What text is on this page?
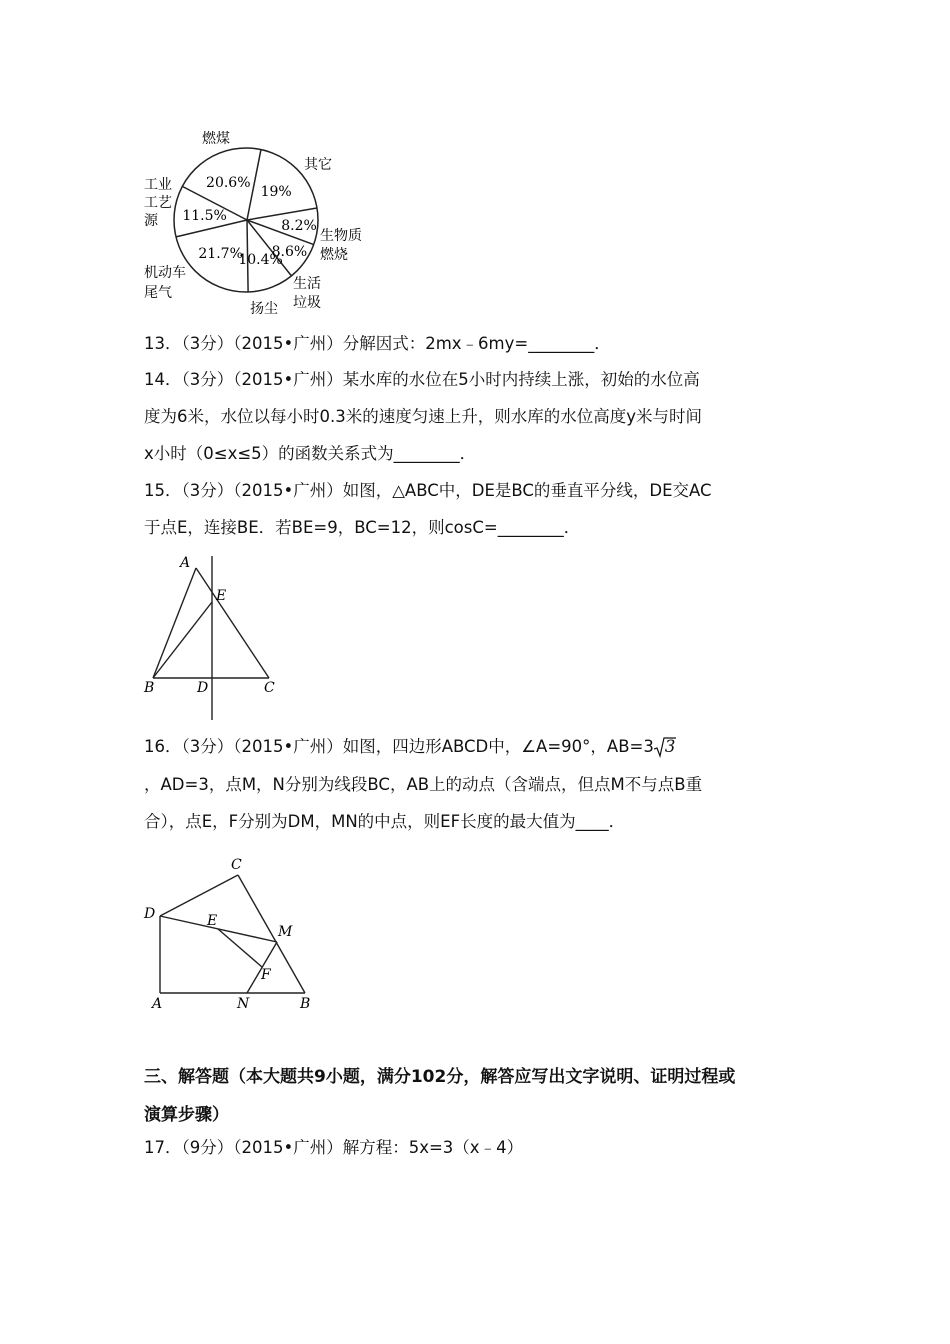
19%
8.2%
8.6%
10.4%
21.7%
11.5%
20.6%
燃煤
其它
工业
工艺
源
生物质
燃烧
机动车
尾气
生活
垃圾
扬尘
13．（3分）（2015•广州）分解因式：2mx﹣6my=________．
14．（3分）（2015•广州）某水库的水位在5小时内持续上涨，初始的水位高
度为6米，水位以每小时0.3米的速度匀速上升，则水库的水位高度y米与时间
x小时（0≤x≤5）的函数关系式为________．
15．（3分）（2015•广州）如图，△ABC中，DE是BC的垂直平分线，DE交AC
于点E，连接BE．若BE=9，BC=12，则cosC=________．
A
E
B	D	C
16．（3分）（2015•广州）如图，四边形ABCD中，∠A=90°，AB=3 3
，AD=3，点M，N分别为线段BC，AB上的动点（含端点，但点M不与点B重
合），点E，F分别为DM，MN的中点，则EF长度的最大值为____．
C
D	E
M
F
A	N	B
三、解答题（本大题共9小题，满分102分，解答应写出文字说明、证明过程或
演算步骤）
17．（9分）（2015•广州）解方程：5x=3（x﹣4）
